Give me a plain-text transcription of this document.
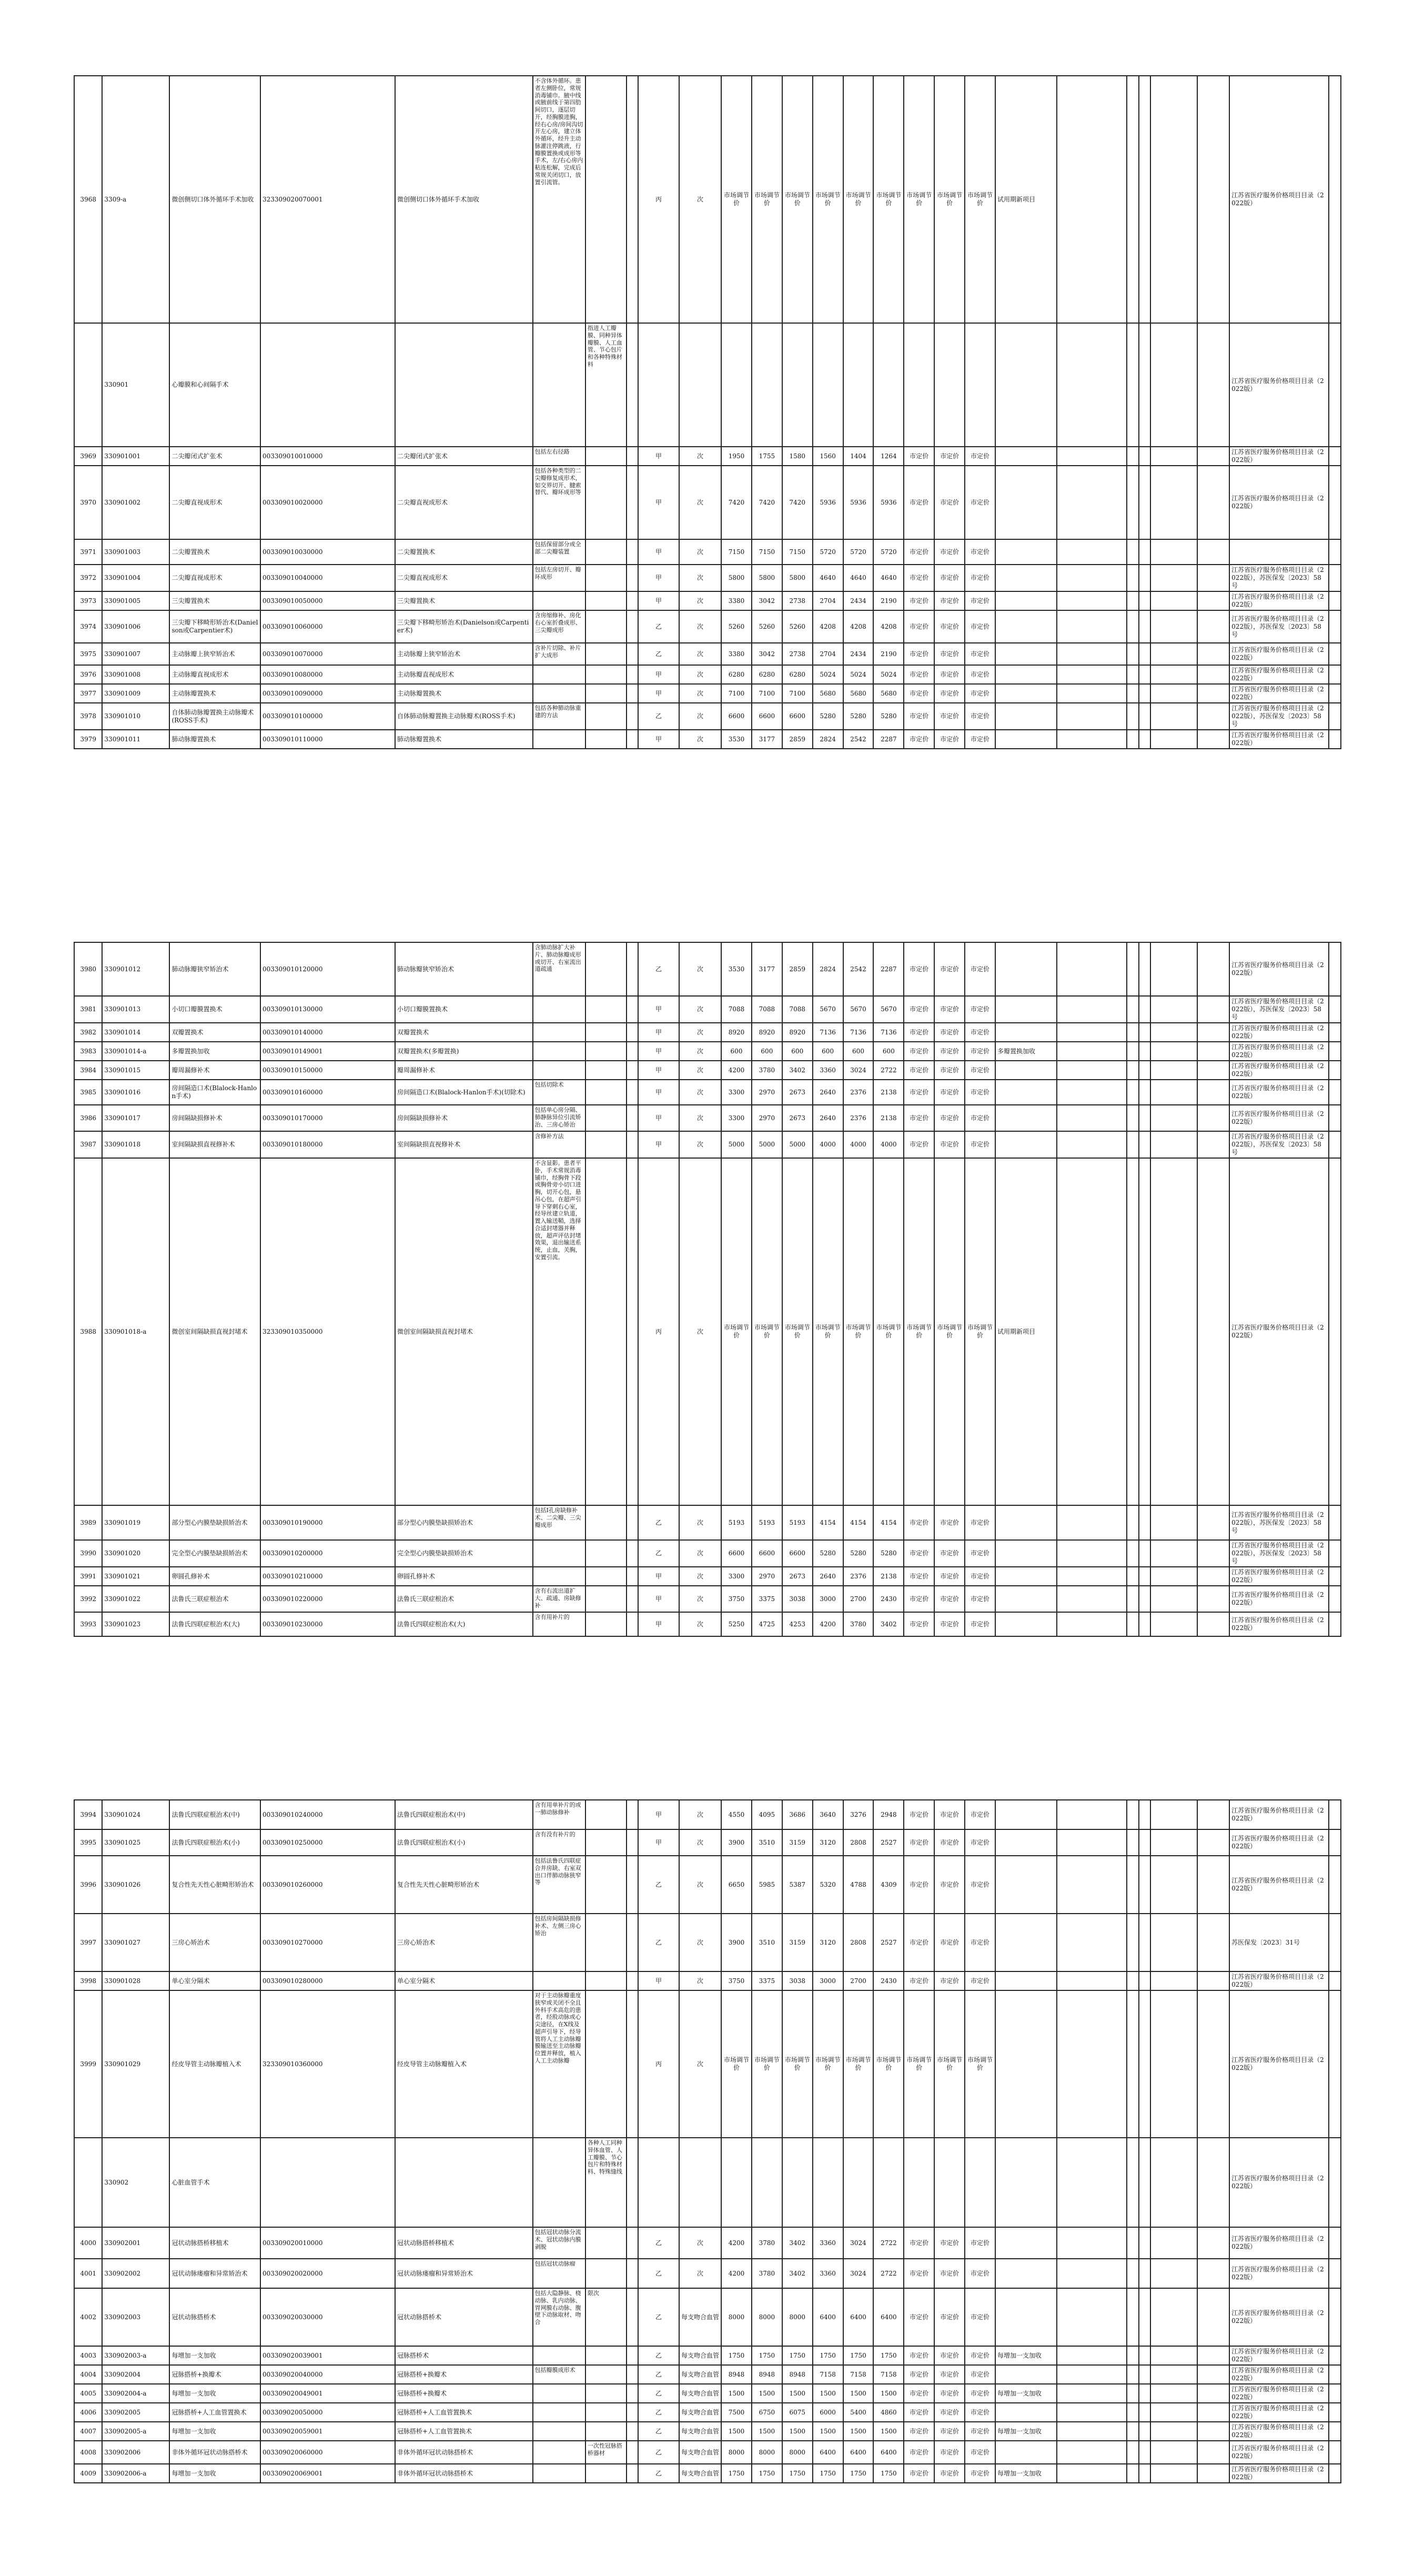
3968	3309-a	微创侧切口体外循环手术加收	323309020070001	微创侧切口体外循环手术加收	不含体外循环。患者左侧卧位，常规消毒铺巾。腋中线或腋前线于第四肋间切口，逐层切开，经胸膜进胸，经右心房/房间沟切开左心房，建立体外循环，经升主动脉灌注停跳液，行瓣膜置换或成形等手术，左/右心房内粘连松解，完成后常规关闭切口，放置引流管。			丙	次	市场调节价	市场调节价	市场调节价	市场调节价	市场调节价	市场调节价	市场调节价	市场调节价	市场调节价	试用期新项目						江苏省医疗服务价格项目目录（2022版）	
	330901	心瓣膜和心间隔手术				指进人工瓣膜、同种异体瓣膜、人工血管、节心包片和各种特殊材料																			江苏省医疗服务价格项目目录（2022版）	
3969	330901001	二尖瓣闭式扩张术	003309010010000	二尖瓣闭式扩张术	包括左右径路			甲	次	1950	1755	1580	1560	1404	1264	市定价	市定价	市定价							江苏省医疗服务价格项目目录（2022版）	
3970	330901002	二尖瓣直视成形术	003309010020000	二尖瓣直视成形术	包括各种类型的二尖瓣修复成形术，如交界切开、腱索替代、瓣环成形等			甲	次	7420	7420	7420	5936	5936	5936	市定价	市定价	市定价							江苏省医疗服务价格项目目录（2022版）	
3971	330901003	二尖瓣置换术	003309010030000	二尖瓣置换术	包括保留部分或全部二尖瓣装置			甲	次	7150	7150	7150	5720	5720	5720	市定价	市定价	市定价								
3972	330901004	二尖瓣直视成形术	003309010040000	二尖瓣直视成形术	包括左房切开、瓣环成形			甲	次	5800	5800	5800	4640	4640	4640	市定价	市定价	市定价							江苏省医疗服务价格项目目录（2022版），苏医保发〔2023〕58号	
3973	330901005	三尖瓣置换术	003309010050000	三尖瓣置换术				甲	次	3380	3042	2738	2704	2434	2190	市定价	市定价	市定价							江苏省医疗服务价格项目目录（2022版）	
3974	330901006	三尖瓣下移畸形矫治术(Danielson或Carpentier术)	003309010060000	三尖瓣下移畸形矫治术(Danielson或Carpentier术)	含房缩修补、房化右心室折叠成形、三尖瓣成形			乙	次	5260	5260	5260	4208	4208	4208	市定价	市定价	市定价							江苏省医疗服务价格项目目录（2022版），苏医保发〔2023〕58号	
3975	330901007	主动脉瓣上狭窄矫治术	003309010070000	主动脉瓣上狭窄矫治术	含补片切除、补片扩大成形			乙	次	3380	3042	2738	2704	2434	2190	市定价	市定价	市定价							江苏省医疗服务价格项目目录（2022版）	
3976	330901008	主动脉瓣直视成形术	003309010080000	主动脉瓣直视成形术				甲	次	6280	6280	6280	5024	5024	5024	市定价	市定价	市定价							江苏省医疗服务价格项目目录（2022版）	
3977	330901009	主动脉瓣置换术	003309010090000	主动脉瓣置换术				甲	次	7100	7100	7100	5680	5680	5680	市定价	市定价	市定价							江苏省医疗服务价格项目目录（2022版）	
3978	330901010	自体肺动脉瓣置换主动脉瓣术(ROSS手术)	003309010100000	自体肺动脉瓣置换主动脉瓣术(ROSS手术)	包括各种肺动脉重建的方法			乙	次	6600	6600	6600	5280	5280	5280	市定价	市定价	市定价							江苏省医疗服务价格项目目录（2022版），苏医保发〔2023〕58号	
3979	330901011	肺动脉瓣置换术	003309010110000	肺动脉瓣置换术				甲	次	3530	3177	2859	2824	2542	2287	市定价	市定价	市定价							江苏省医疗服务价格项目目录（2022版）	
3980	330901012	肺动脉瓣狭窄矫治术	003309010120000	肺动脉瓣狭窄矫治术	含肺动脉扩大补片、肺动脉瓣成形或切开、右室流出道疏通			乙	次	3530	3177	2859	2824	2542	2287	市定价	市定价	市定价							江苏省医疗服务价格项目目录（2022版）	
3981	330901013	小切口瓣膜置换术	003309010130000	小切口瓣膜置换术				甲	次	7088	7088	7088	5670	5670	5670	市定价	市定价	市定价							江苏省医疗服务价格项目目录（2022版），苏医保发〔2023〕58号	
3982	330901014	双瓣置换术	003309010140000	双瓣置换术				甲	次	8920	8920	8920	7136	7136	7136	市定价	市定价	市定价							江苏省医疗服务价格项目目录（2022版）	
3983	330901014-a	多瓣置换加收	003309010149001	双瓣置换术(多瓣置换)				甲	次	600	600	600	600	600	600	市定价	市定价	市定价	多瓣置换加收						江苏省医疗服务价格项目目录（2022版）	
3984	330901015	瓣周漏修补术	003309010150000	瓣周漏修补术				甲	次	4200	3780	3402	3360	3024	2722	市定价	市定价	市定价							江苏省医疗服务价格项目目录（2022版）	
3985	330901016	房间隔造口术(Blalock-Hanlon手术)	003309010160000	房间隔造口术(Blalock-Hanlon手术)(切除术)	包括切除术			甲	次	3300	2970	2673	2640	2376	2138	市定价	市定价	市定价							江苏省医疗服务价格项目目录（2022版）	
3986	330901017	房间隔缺损修补术	003309010170000	房间隔缺损修补术	包括单心房分隔、肺静脉异位引流矫治、三房心矫治			甲	次	3300	2970	2673	2640	2376	2138	市定价	市定价	市定价							江苏省医疗服务价格项目目录（2022版）	
3987	330901018	室间隔缺损直视修补术	003309010180000	室间隔缺损直视修补术	含修补方法			甲	次	5000	5000	5000	4000	4000	4000	市定价	市定价	市定价							江苏省医疗服务价格项目目录（2022版），苏医保发〔2023〕58号	
3988	330901018-a	微创室间隔缺损直视封堵术	323309010350000	微创室间隔缺损直视封堵术	不含显影。患者平卧，手术常规消毒铺巾，经胸骨下段或胸骨旁小切口进胸，切开心包，悬吊心包，在超声引导下穿刺右心室，经导丝建立轨道，置入输送鞘，选择合适封堵器并释放，超声评估封堵效果，退出输送系统，止血，关胸，安置引流。			丙	次	市场调节价	市场调节价	市场调节价	市场调节价	市场调节价	市场调节价	市场调节价	市场调节价	市场调节价	试用期新项目						江苏省医疗服务价格项目目录（2022版）	
3989	330901019	部分型心内膜垫缺损矫治术	003309010190000	部分型心内膜垫缺损矫治术	包括Ⅰ孔房缺修补术、二尖瓣、三尖瓣成形			乙	次	5193	5193	5193	4154	4154	4154	市定价	市定价	市定价							江苏省医疗服务价格项目目录（2022版），苏医保发〔2023〕58号	
3990	330901020	完全型心内膜垫缺损矫治术	003309010200000	完全型心内膜垫缺损矫治术				乙	次	6600	6600	6600	5280	5280	5280	市定价	市定价	市定价							江苏省医疗服务价格项目目录（2022版），苏医保发〔2023〕58号	
3991	330901021	卵圆孔修补术	003309010210000	卵圆孔修补术				甲	次	3300	2970	2673	2640	2376	2138	市定价	市定价	市定价							江苏省医疗服务价格项目目录（2022版）	
3992	330901022	法鲁氏三联症根治术	003309010220000	法鲁氏三联症根治术	含有右流出道扩大、疏通、房缺修补			甲	次	3750	3375	3038	3000	2700	2430	市定价	市定价	市定价							江苏省医疗服务价格项目目录（2022版）	
3993	330901023	法鲁氏四联症根治术(大)	003309010230000	法鲁氏四联症根治术(大)	含有用补片的			甲	次	5250	4725	4253	4200	3780	3402	市定价	市定价	市定价							江苏省医疗服务价格项目目录（2022版）	
3994	330901024	法鲁氏四联症根治术(中)	003309010240000	法鲁氏四联症根治术(中)	含有用单补片的或一肺动脉修补			甲	次	4550	4095	3686	3640	3276	2948	市定价	市定价	市定价							江苏省医疗服务价格项目目录（2022版）	
3995	330901025	法鲁氏四联症根治术(小)	003309010250000	法鲁氏四联症根治术(小)	含有没有补片的			甲	次	3900	3510	3159	3120	2808	2527	市定价	市定价	市定价							江苏省医疗服务价格项目目录（2022版）	
3996	330901026	复合性先天性心脏畸形矫治术	003309010260000	复合性先天性心脏畸形矫治术	包括法鲁氏四联症合并房缺、右室双出口伴肺动脉狭窄等			乙	次	6650	5985	5387	5320	4788	4309	市定价	市定价	市定价							江苏省医疗服务价格项目目录（2022版）	
3997	330901027	三房心矫治术	003309010270000	三房心矫治术	包括房间隔缺损修补术、左侧三房心矫治			乙	次	3900	3510	3159	3120	2808	2527	市定价	市定价	市定价							苏医保发〔2023〕31号	
3998	330901028	单心室分隔术	003309010280000	单心室分隔术				甲	次	3750	3375	3038	3000	2700	2430	市定价	市定价	市定价							江苏省医疗服务价格项目目录（2022版）	
3999	330901029	经皮导管主动脉瓣植入术	323309010360000	经皮导管主动脉瓣植入术	对于主动脉瓣重度狭窄或关闭不全且外科手术高危的患者，经股动脉或心尖途径，在X线及超声引导下，经导管将人工主动脉瓣膜输送至主动脉瓣位置并释放，植入人工主动脉瓣			丙	次	市场调节价	市场调节价	市场调节价	市场调节价	市场调节价	市场调节价	市场调节价	市场调节价	市场调节价							江苏省医疗服务价格项目目录（2022版）	
	330902	心脏血管手术				各种人工同种异体血管、人工瓣膜、节心包片和特殊材料、特殊缝线																			江苏省医疗服务价格项目目录（2022版）	
4000	330902001	冠状动脉搭桥移植术	003309020010000	冠状动脉搭桥移植术	包括冠状动脉分流术、冠状动脉内膜剥脱			乙	次	4200	3780	3402	3360	3024	2722	市定价	市定价	市定价							江苏省医疗服务价格项目目录（2022版）	
4001	330902002	冠状动脉瘘瘤和异常矫治术	003309020020000	冠状动脉瘘瘤和异常矫治术	包括冠状动脉瘤			乙	次	4200	3780	3402	3360	3024	2722	市定价	市定价	市定价							江苏省医疗服务价格项目目录（2022版）	
4002	330902003	冠状动脉搭桥术	003309020030000	冠状动脉搭桥术	包括大隐静脉、桡动脉、乳内动脉、胃网膜右动脉、腹壁下动脉取材、吻合	限次		乙	每支吻合血管	8000	8000	8000	6400	6400	6400	市定价	市定价	市定价							江苏省医疗服务价格项目目录（2022版）	
4003	330902003-a	每增加一支加收	003309020039001	冠脉搭桥术				乙	每支吻合血管	1750	1750	1750	1750	1750	1750	市定价	市定价	市定价	每增加一支加收						江苏省医疗服务价格项目目录（2022版）	
4004	330902004	冠脉搭桥+换瓣术	003309020040000	冠脉搭桥+换瓣术	包括瓣膜成形术			乙	每支吻合血管	8948	8948	8948	7158	7158	7158	市定价	市定价	市定价							江苏省医疗服务价格项目目录（2022版）	
4005	330902004-a	每增加一支加收	003309020049001	冠脉搭桥+换瓣术				乙	每支吻合血管	1500	1500	1500	1500	1500	1500	市定价	市定价	市定价	每增加一支加收						江苏省医疗服务价格项目目录（2022版）	
4006	330902005	冠脉搭桥+人工血管置换术	003309020050000	冠脉搭桥+人工血管置换术				乙	每支吻合血管	7500	6750	6075	6000	5400	4860	市定价	市定价	市定价							江苏省医疗服务价格项目目录（2022版）	
4007	330902005-a	每增加一支加收	003309020059001	冠脉搭桥+人工血管置换术				乙	每支吻合血管	1500	1500	1500	1500	1500	1500	市定价	市定价	市定价	每增加一支加收						江苏省医疗服务价格项目目录（2022版）	
4008	330902006	非体外循环冠状动脉搭桥术	003309020060000	非体外循环冠状动脉搭桥术		一次性冠脉搭桥器材		乙	每支吻合血管	8000	8000	8000	6400	6400	6400	市定价	市定价	市定价							江苏省医疗服务价格项目目录（2022版）	
4009	330902006-a	每增加一支加收	003309020069001	非体外循环冠状动脉搭桥术				乙	每支吻合血管	1750	1750	1750	1750	1750	1750	市定价	市定价	市定价	每增加一支加收						江苏省医疗服务价格项目目录（2022版）	
